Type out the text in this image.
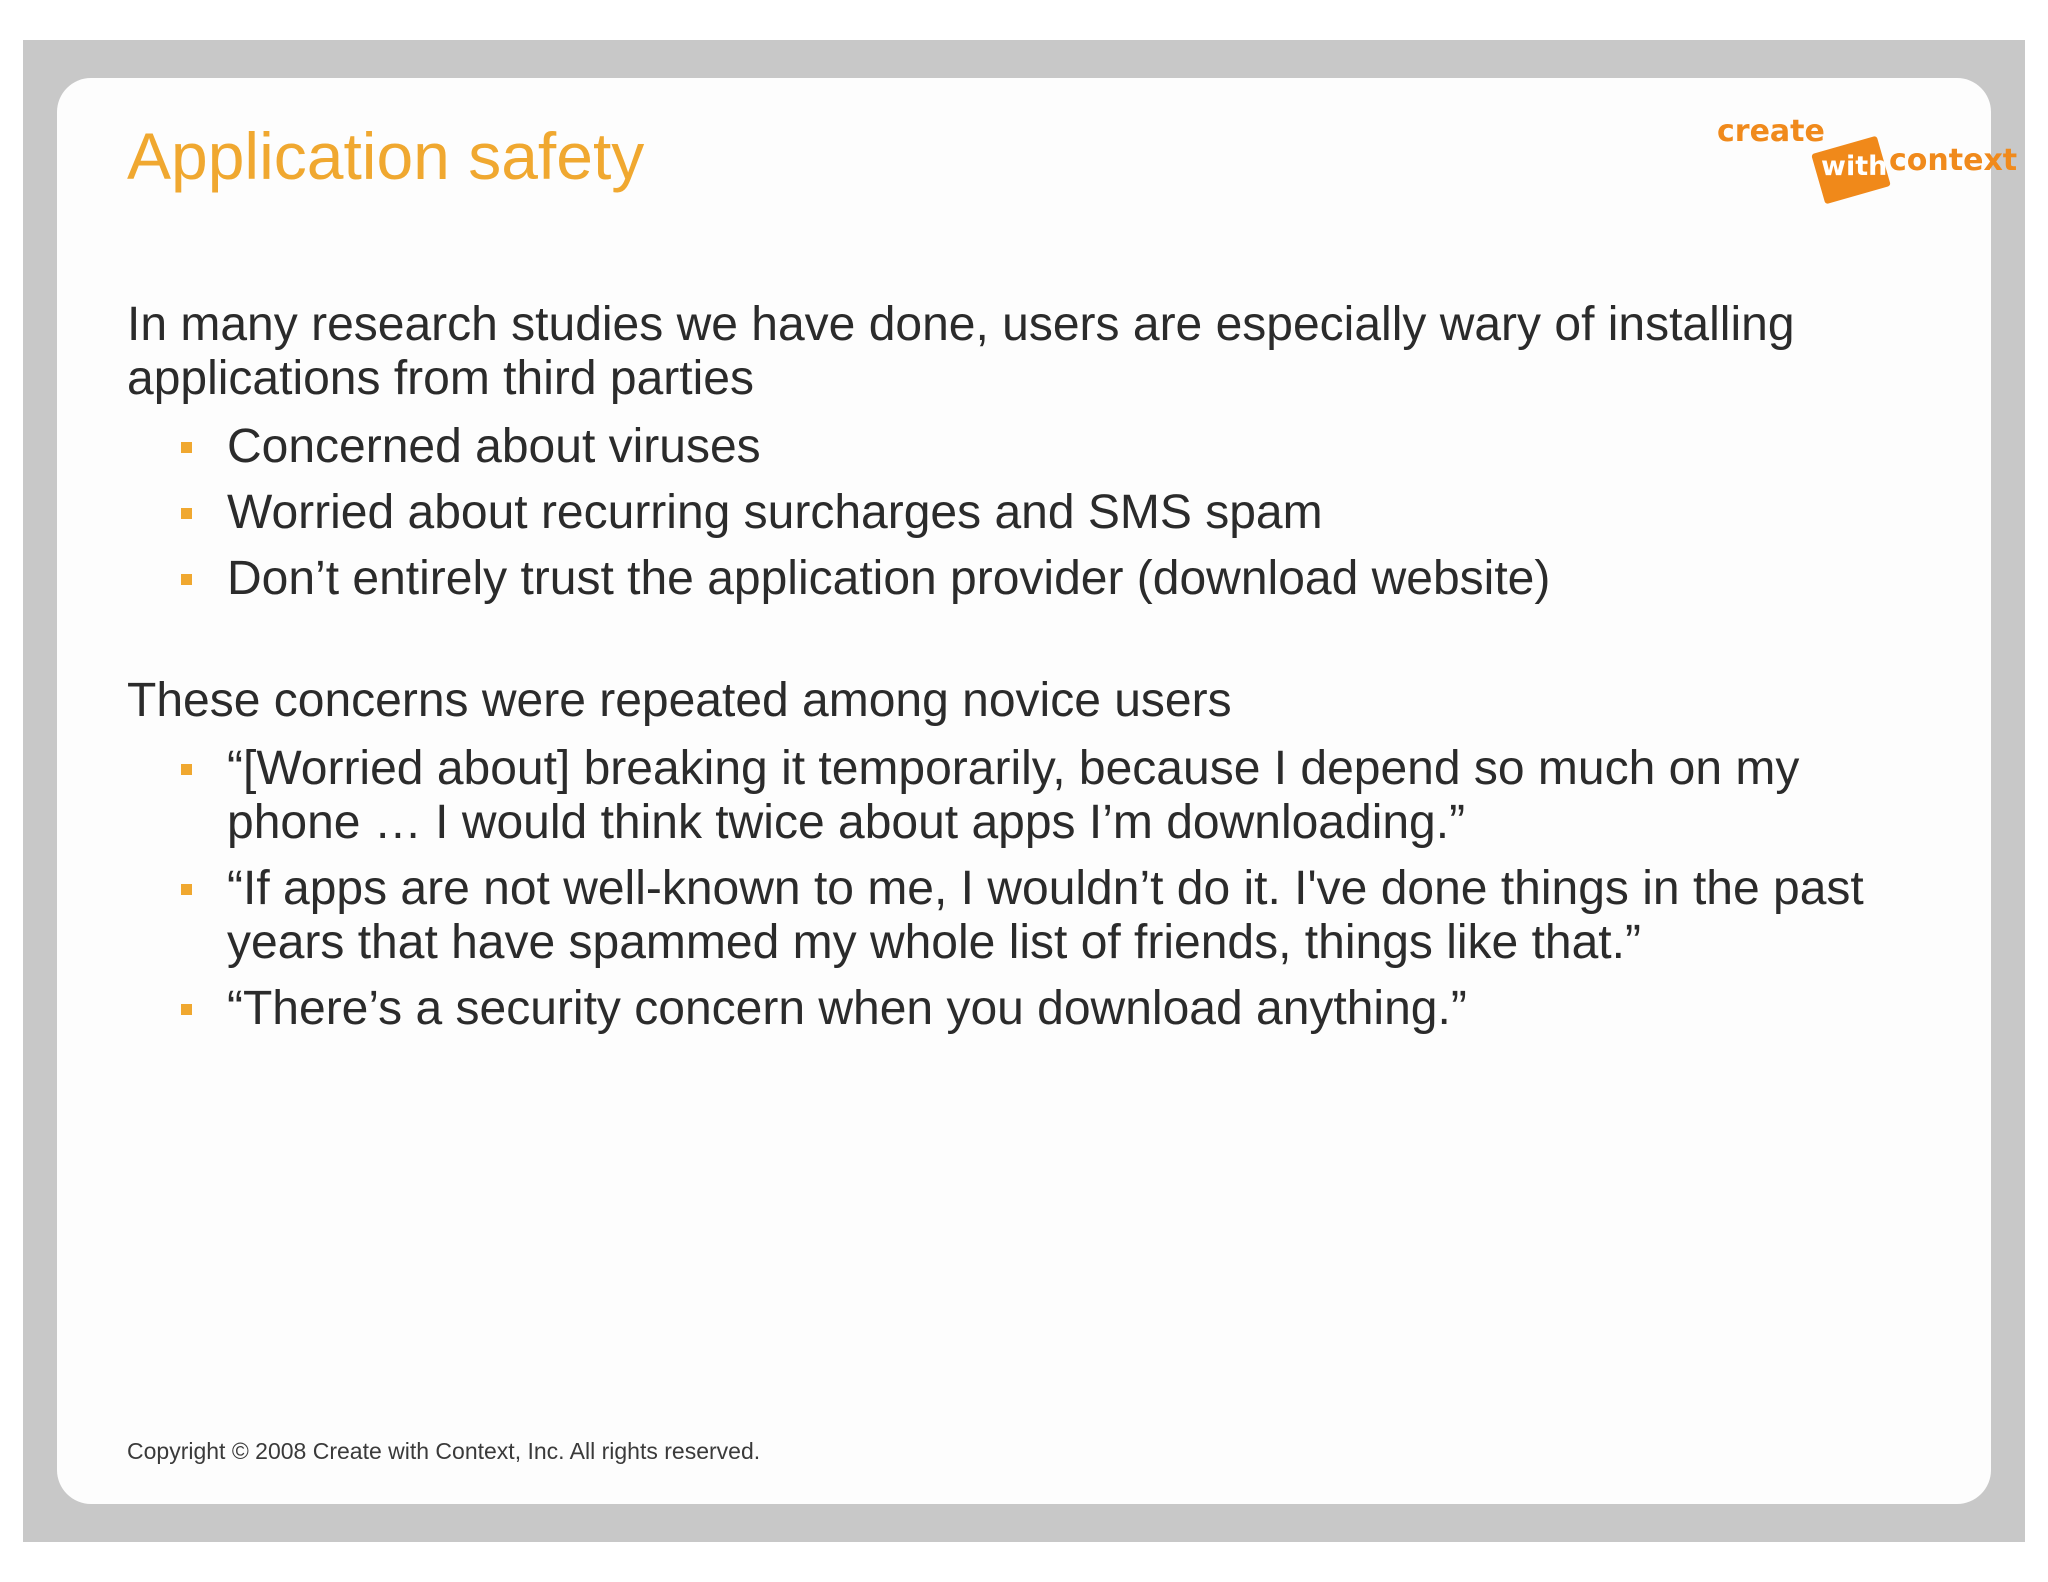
Application safety	create
with context

In many research studies we have done, users are especially wary of installing applications from third parties

Concerned about viruses
Worried about recurring surcharges and SMS spam
Don’t entirely trust the application provider (download website)

These concerns were repeated among novice users

“[Worried about] breaking it temporarily, because I depend so much on my phone … I would think twice about apps I’m downloading.”
“If apps are not well-known to me, I wouldn’t do it. I've done things in the past years that have spammed my whole list of friends, things like that.”
“There’s a security concern when you download anything.”
Copyright © 2008 Create with Context, Inc. All rights reserved.
